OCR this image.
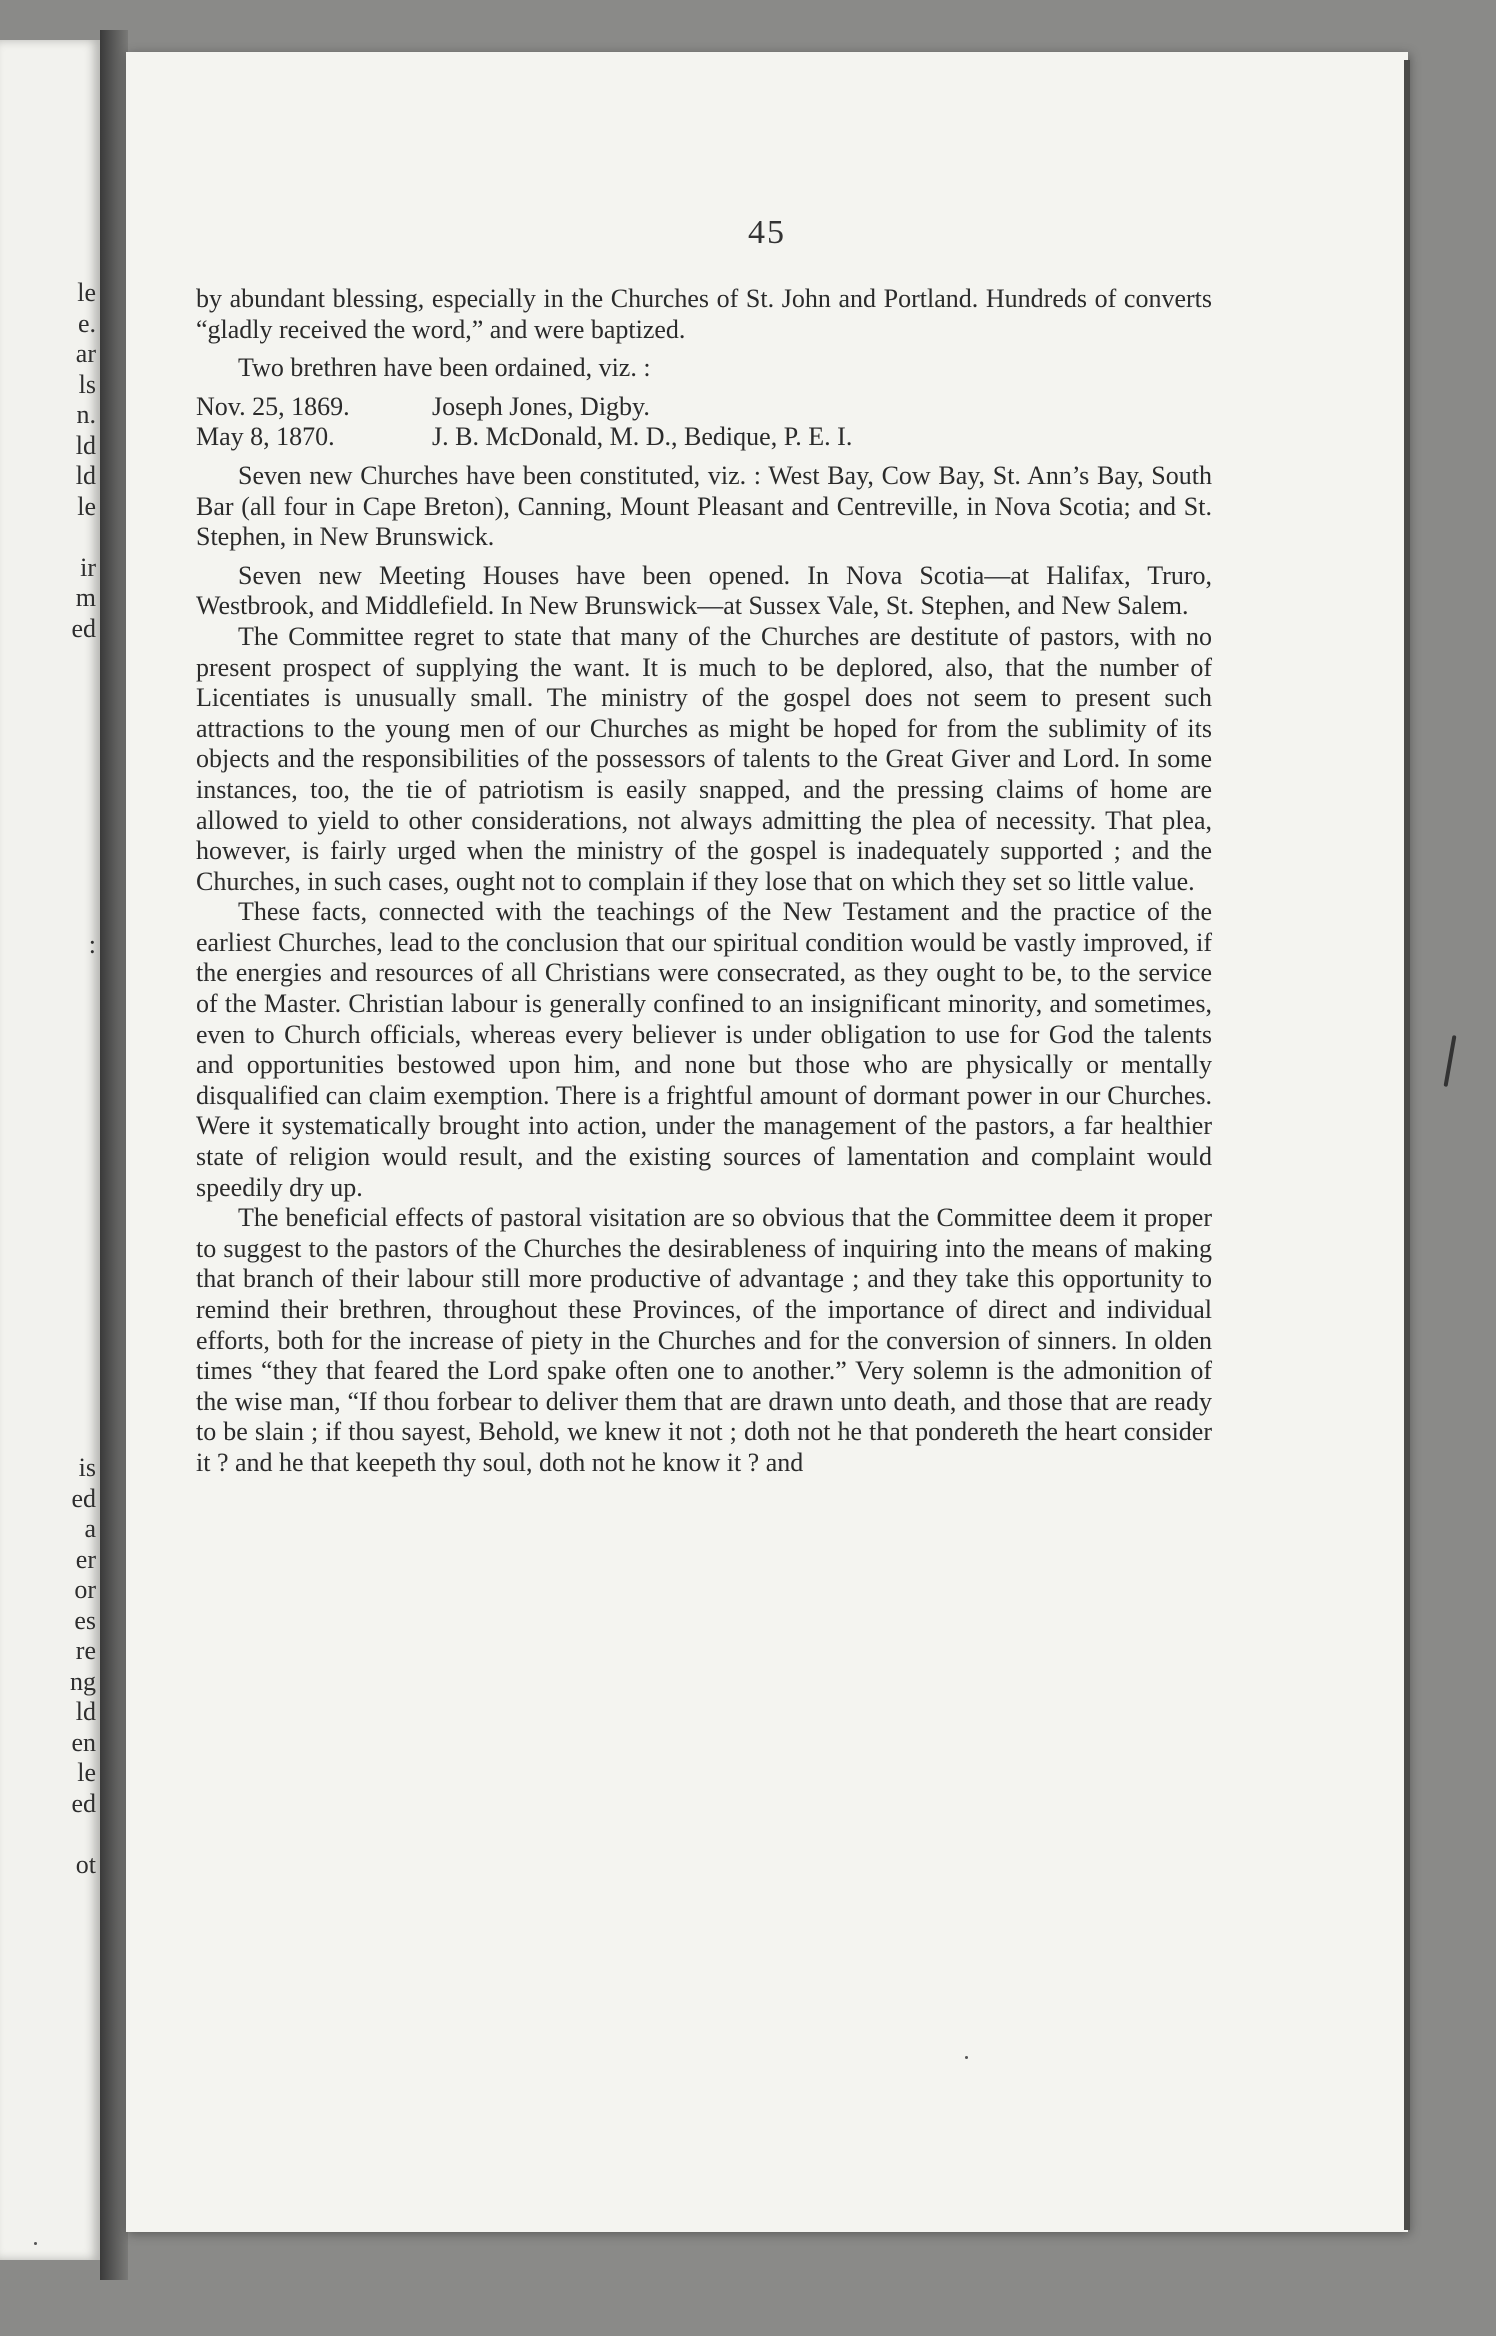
le
e.
ar
ls
n.
ld
ld
le
ir
m
ed
:
is
ed
a
er
or
es
re
ng
ld
en
le
ed
ot
45

by abundant blessing, especially in the Churches of St. John and Portland. Hundreds of converts “gladly received the word,” and were baptized.

Two brethren have been ordained, viz. :

Nov. 25, 1869.	Joseph Jones, Digby.

May 8, 1870.	J. B. McDonald, M. D., Bedique, P. E. I.

Seven new Churches have been constituted, viz. : West Bay, Cow Bay, St. Ann’s Bay, South Bar (all four in Cape Breton), Canning, Mount Pleasant and Centreville, in Nova Scotia; and St. Stephen, in New Brunswick.

Seven new Meeting Houses have been opened. In Nova Scotia—at Halifax, Truro, Westbrook, and Middlefield. In New Brunswick—at Sussex Vale, St. Stephen, and New Salem.

The Committee regret to state that many of the Churches are destitute of pastors, with no present prospect of supplying the want. It is much to be deplored, also, that the number of Licentiates is unusually small. The ministry of the gospel does not seem to present such attractions to the young men of our Churches as might be hoped for from the sublimity of its objects and the responsibilities of the possessors of talents to the Great Giver and Lord. In some instances, too, the tie of patriotism is easily snapped, and the pressing claims of home are allowed to yield to other considerations, not always admitting the plea of necessity. That plea, however, is fairly urged when the ministry of the gospel is inadequately supported ; and the Churches, in such cases, ought not to complain if they lose that on which they set so little value.

These facts, connected with the teachings of the New Testament and the practice of the earliest Churches, lead to the conclusion that our spiritual condition would be vastly improved, if the energies and resources of all Christians were consecrated, as they ought to be, to the service of the Master. Christian labour is generally confined to an insignificant minority, and sometimes, even to Church officials, whereas every believer is under obligation to use for God the talents and opportunities bestowed upon him, and none but those who are physically or mentally disqualified can claim exemption. There is a frightful amount of dormant power in our Churches. Were it systematically brought into action, under the management of the pastors, a far healthier state of religion would result, and the existing sources of lamentation and complaint would speedily dry up.

The beneficial effects of pastoral visitation are so obvious that the Committee deem it proper to suggest to the pastors of the Churches the desirableness of inquiring into the means of making that branch of their labour still more productive of advantage ; and they take this opportunity to remind their brethren, throughout these Provinces, of the importance of direct and individual efforts, both for the increase of piety in the Churches and for the conversion of sinners. In olden times “they that feared the Lord spake often one to another.” Very solemn is the admonition of the wise man, “If thou forbear to deliver them that are drawn unto death, and those that are ready to be slain ; if thou sayest, Behold, we knew it not ; doth not he that pondereth the heart consider it ? and he that keepeth thy soul, doth not he know it ? and
